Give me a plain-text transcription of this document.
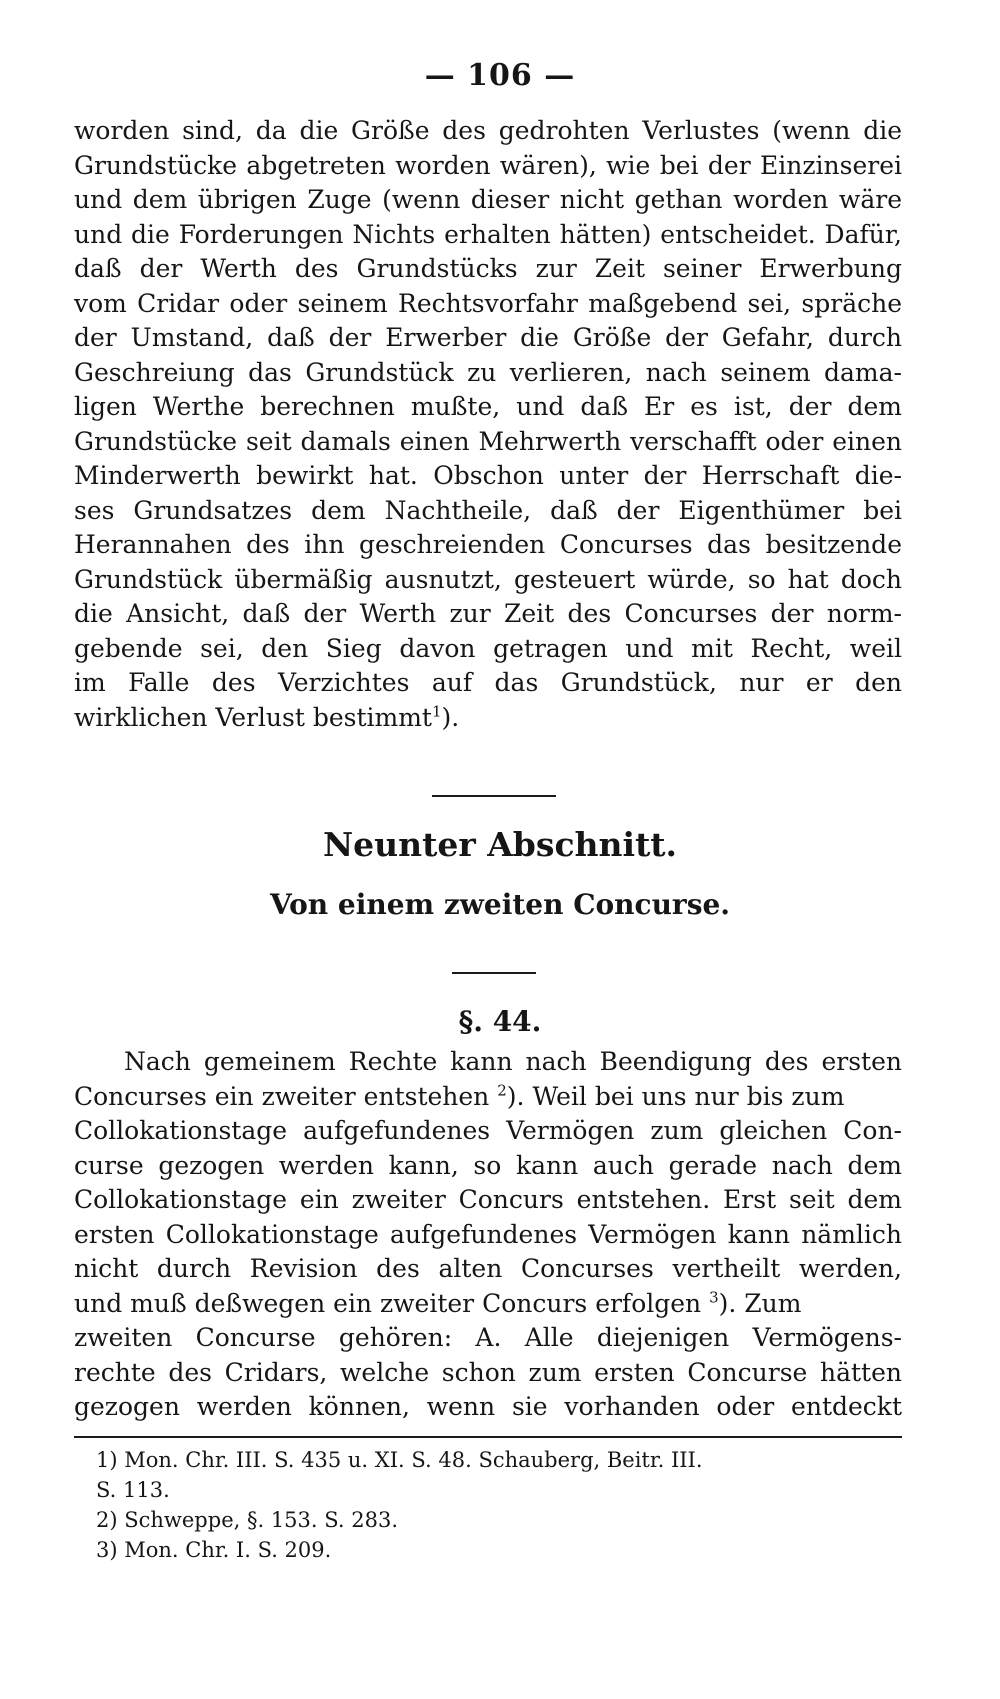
— 106 —
worden sind, da die Größe des gedrohten Verlustes (wenn die
Grundstücke abgetreten worden wären), wie bei der Einzinserei
und dem übrigen Zuge (wenn dieser nicht gethan worden wäre
und die Forderungen Nichts erhalten hätten) entscheidet. Dafür,
daß der Werth des Grundstücks zur Zeit seiner Erwerbung
vom Cridar oder seinem Rechtsvorfahr maßgebend sei, spräche
der Umstand, daß der Erwerber die Größe der Gefahr, durch
Geschreiung das Grundstück zu verlieren, nach seinem dama-
ligen Werthe berechnen mußte, und daß Er es ist, der dem
Grundstücke seit damals einen Mehrwerth verschafft oder einen
Minderwerth bewirkt hat. Obschon unter der Herrschaft die-
ses Grundsatzes dem Nachtheile, daß der Eigenthümer bei
Herannahen des ihn geschreienden Concurses das besitzende
Grundstück übermäßig ausnutzt, gesteuert würde, so hat doch
die Ansicht, daß der Werth zur Zeit des Concurses der norm-
gebende sei, den Sieg davon getragen und mit Recht, weil
im Falle des Verzichtes auf das Grundstück, nur er den
wirklichen Verlust bestimmt$^1$).
Neunter Abschnitt.
Von einem zweiten Concurse.
§. 44.
Nach gemeinem Rechte kann nach Beendigung des ersten
Concurses ein zweiter entstehen $^2$). Weil bei uns nur bis zum
Collokationstage aufgefundenes Vermögen zum gleichen Con-
curse gezogen werden kann, so kann auch gerade nach dem
Collokationstage ein zweiter Concurs entstehen. Erst seit dem
ersten Collokationstage aufgefundenes Vermögen kann nämlich
nicht durch Revision des alten Concurses vertheilt werden,
und muß deßwegen ein zweiter Concurs erfolgen $^3$). Zum
zweiten Concurse gehören: A. Alle diejenigen Vermögens-
rechte des Cridars, welche schon zum ersten Concurse hätten
gezogen werden können, wenn sie vorhanden oder entdeckt
1) Mon. Chr. III. S. 435 u. XI. S. 48. Schauberg, Beitr. III.
S. 113.
2) Schweppe, §. 153. S. 283.
3) Mon. Chr. I. S. 209.
